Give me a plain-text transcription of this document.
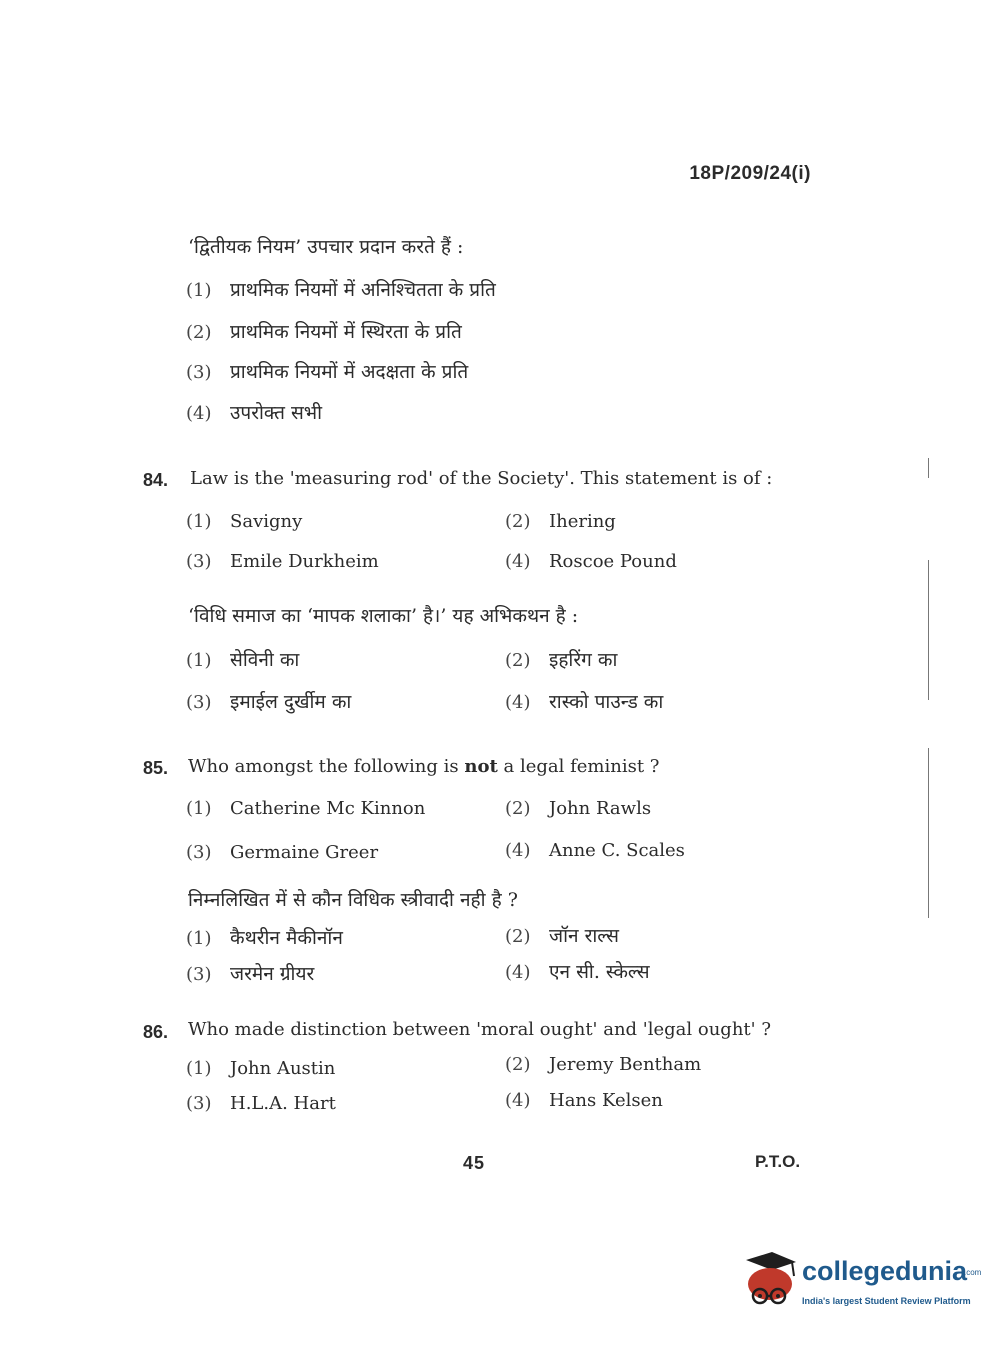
18P/209/24(i)
‘द्वितीयक नियम’ उपचार प्रदान करते हैं :
(1) प्राथमिक नियमों में अनिश्चितता के प्रति
(2) प्राथमिक नियमों में स्थिरता के प्रति
(3) प्राथमिक नियमों में अदक्षता के प्रति
(4) उपरोक्त सभी
84. Law is the 'measuring rod' of the Society'. This statement is of :
(1) Savigny	(2) Ihering
(3) Emile Durkheim	(4) Roscoe Pound
‘विधि समाज का ‘मापक शलाका’ है।’ यह अभिकथन है :
(1) सेविनी का	(2) इहरिंग का
(3) इमाईल दुर्खीम का	(4) रास्को पाउन्ड का
85. Who amongst the following is not a legal feminist ?
(1) Catherine Mc Kinnon	(2) John Rawls
(3) Germaine Greer	(4) Anne C. Scales
निम्नलिखित में से कौन विधिक स्त्रीवादी नही है ?
(1) कैथरीन मैकीनॉन	(2) जॉन राल्स
(3) जरमेन ग्रीयर	(4) एन सी. स्केल्स
86. Who made distinction between 'moral ought' and 'legal ought' ?
(1) John Austin	(2) Jeremy Bentham
(3) H.L.A. Hart	(4) Hans Kelsen
45	P.T.O.
collegedunia
.com
India's largest Student Review Platform
